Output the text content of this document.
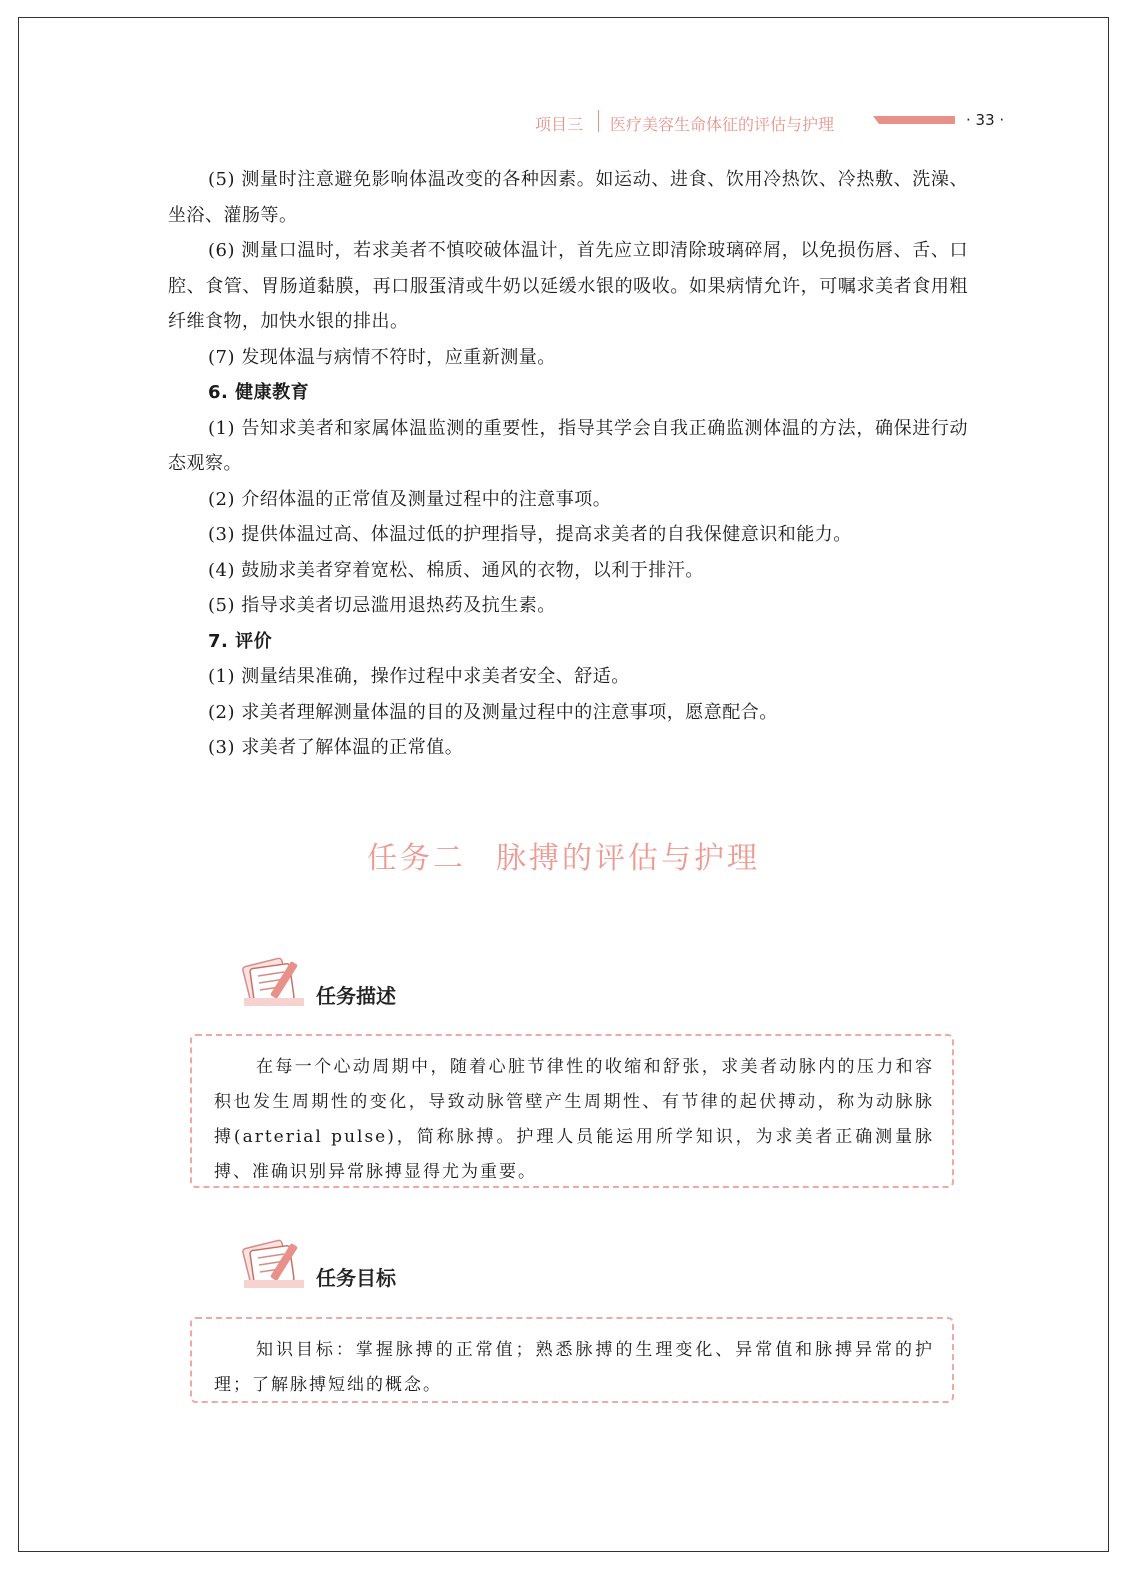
项目三 医疗美容生命体征的评估与护理	· 33 ·

(5) 测量时注意避免影响体温改变的各种因素。如运动、进食、饮用冷热饮、冷热敷、洗澡、坐浴、灌肠等。

(6) 测量口温时，若求美者不慎咬破体温计，首先应立即清除玻璃碎屑，以免损伤唇、舌、口腔、食管、胃肠道黏膜，再口服蛋清或牛奶以延缓水银的吸收。如果病情允许，可嘱求美者食用粗纤维食物，加快水银的排出。

(7) 发现体温与病情不符时，应重新测量。

6. 健康教育

(1) 告知求美者和家属体温监测的重要性，指导其学会自我正确监测体温的方法，确保进行动态观察。

(2) 介绍体温的正常值及测量过程中的注意事项。

(3) 提供体温过高、体温过低的护理指导，提高求美者的自我保健意识和能力。

(4) 鼓励求美者穿着宽松、棉质、通风的衣物，以利于排汗。

(5) 指导求美者切忌滥用退热药及抗生素。

7. 评价

(1) 测量结果准确，操作过程中求美者安全、舒适。

(2) 求美者理解测量体温的目的及测量过程中的注意事项，愿意配合。

(3) 求美者了解体温的正常值。

任务二 脉搏的评估与护理
任务描述

在每一个心动周期中，随着心脏节律性的收缩和舒张，求美者动脉内的压力和容积也发生周期性的变化，导致动脉管壁产生周期性、有节律的起伏搏动，称为动脉脉搏(arterial pulse)，简称脉搏。护理人员能运用所学知识，为求美者正确测量脉搏、准确识别异常脉搏显得尤为重要。

任务目标

知识目标：掌握脉搏的正常值；熟悉脉搏的生理变化、异常值和脉搏异常的护理；了解脉搏短绌的概念。
